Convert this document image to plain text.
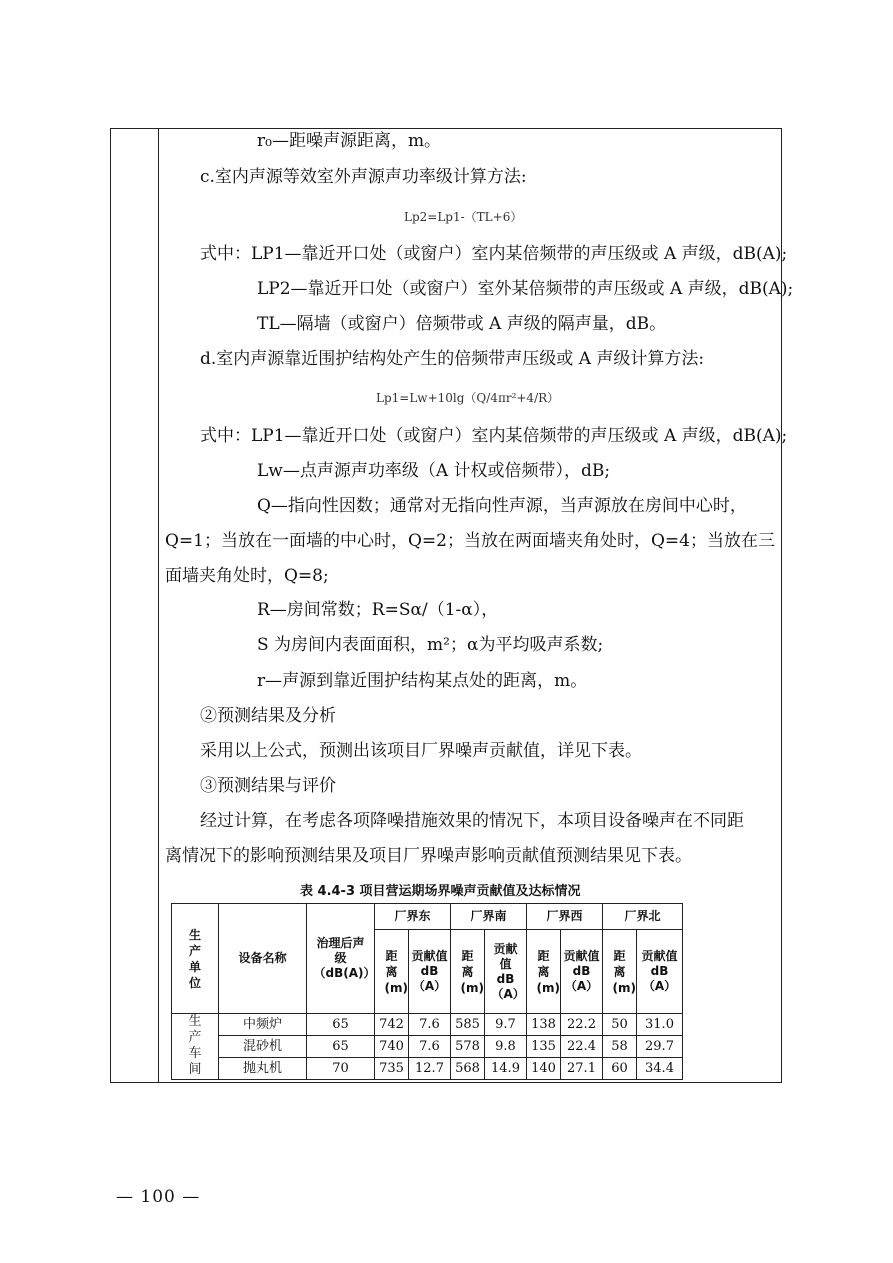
r₀—距噪声源距离，m。
c.室内声源等效室外声源声功率级计算方法:
Lp2=Lp1-（TL+6）
式中：LP1—靠近开口处（或窗户）室内某倍频带的声压级或 A 声级，dB(A);
LP2—靠近开口处（或窗户）室外某倍频带的声压级或 A 声级，dB(A);
TL—隔墙（或窗户）倍频带或 A 声级的隔声量，dB。
d.室内声源靠近围护结构处产生的倍频带声压级或 A 声级计算方法:
Lp1=Lw+10lg（Q/4πr²+4/R）
式中：LP1—靠近开口处（或窗户）室内某倍频带的声压级或 A 声级，dB(A);
Lw—点声源声功率级（A 计权或倍频带），dB;
Q—指向性因数；通常对无指向性声源，当声源放在房间中心时，
Q=1；当放在一面墙的中心时，Q=2；当放在两面墙夹角处时，Q=4；当放在三
面墙夹角处时，Q=8;
R—房间常数；R=Sα/（1-α），
S 为房间内表面面积，m²；α为平均吸声系数;
r—声源到靠近围护结构某点处的距离，m。
②预测结果及分析
采用以上公式，预测出该项目厂界噪声贡献值，详见下表。
③预测结果与评价
经过计算，在考虑各项降噪措施效果的情况下，本项目设备噪声在不同距
离情况下的影响预测结果及项目厂界噪声影响贡献值预测结果见下表。
表 4.4-3 项目营运期场界噪声贡献值及达标情况
生产单位	设备名称	治理后声级（dB(A)）	厂界东		厂界南		厂界西		厂界北	
			距离(m)	贡献值 dB（A）	距离(m)	贡献值 dB（A）	距离(m)	贡献值 dB（A）	距离(m)	贡献值 dB（A）
生产车间	中频炉	65	742	7.6	585	9.7	138	22.2	50	31.0
	混砂机	65	740	7.6	578	9.8	135	22.4	58	29.7
	抛丸机	70	735	12.7	568	14.9	140	27.1	60	34.4
— 100 —
